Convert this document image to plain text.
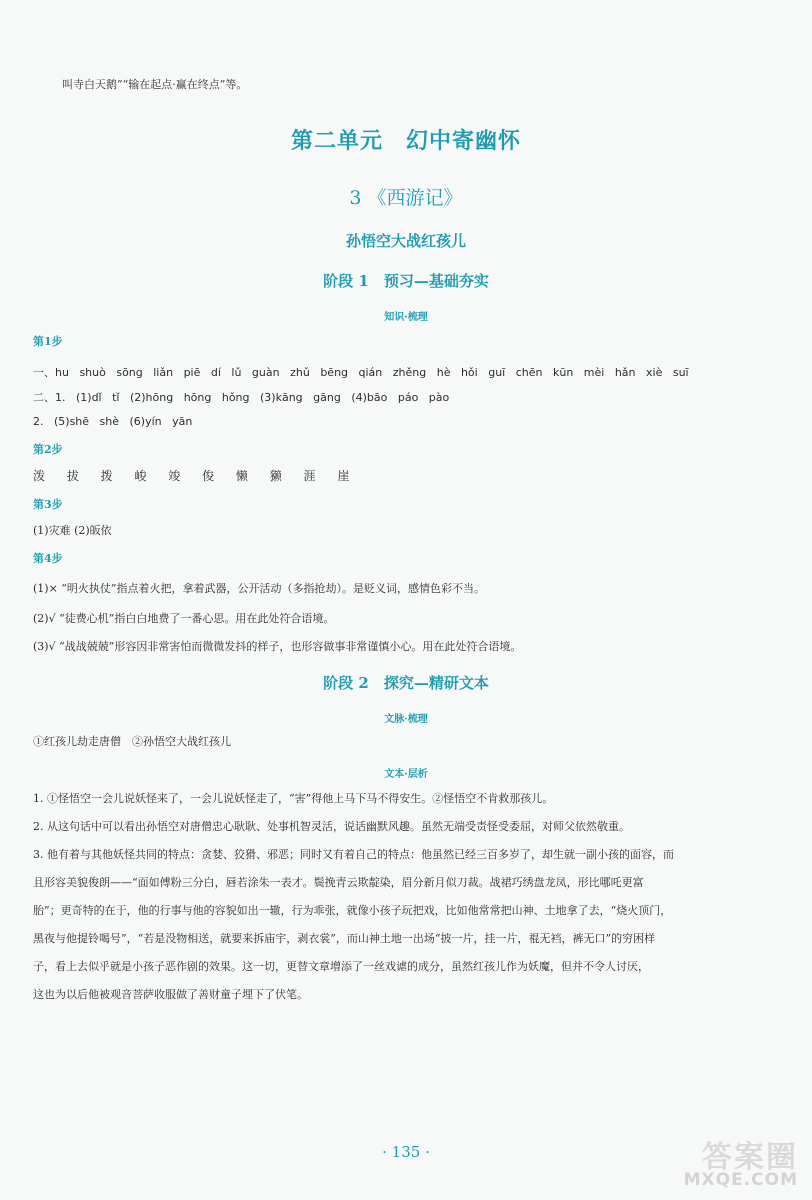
叫寺白天鹅”“输在起点·赢在终点”等。
第二单元　幻中寄幽怀
3 《西游记》
孙悟空大战红孩儿
阶段 1　预习—基础夯实
知识·梳理
第1步
一、hu shuò sōng liǎn piē dí lǔ guàn zhǔ bēng qián zhěng hè hǒi guī chēn kūn mèi hǎn xiè suī
二、1. (1)dǐ tǐ (2)hōng hōng hǒng (3)kāng gāng (4)bāo páo pào
2. (5)shē shè (6)yín yān
第2步
泼 拔 拨 峻 竣 俊 懒 獭 涯 崖
第3步
(1)灾难 (2)皈依
第4步
(1)× “明火执仗”指点着火把，拿着武器，公开活动（多指抢劫）。是贬义词，感情色彩不当。
(2)√ “徒费心机”指白白地费了一番心思。用在此处符合语境。
(3)√ “战战兢兢”形容因非常害怕而微微发抖的样子，也形容做事非常谨慎小心。用在此处符合语境。
阶段 2　探究—精研文本
文脉·梳理
①红孩儿劫走唐僧　②孙悟空大战红孩儿
文本·层析
1. ①怪悟空一会儿说妖怪来了，一会儿说妖怪走了，“害”得他上马下马不得安生。②怪悟空不肯救那孩儿。
2. 从这句话中可以看出孙悟空对唐僧忠心耿耿、处事机智灵活，说话幽默风趣。虽然无端受责怪受委屈，对师父依然敬重。
3. 他有着与其他妖怪共同的特点：贪婪、狡猾、邪恶；同时又有着自己的特点：他虽然已经三百多岁了，却生就一副小孩的面容，而
且形容美貌俊朗——“面如傅粉三分白，唇若涂朱一表才。鬓挽青云欺靛染，眉分新月似刀裁。战裙巧绣盘龙凤，形比哪吒更富
胎”；更奇特的在于，他的行事与他的容貌如出一辙，行为乖张，就像小孩子玩把戏，比如他常常把山神、土地拿了去，“烧火顶门，
黑夜与他提铃喝号”，“若是没物相送，就要来拆庙宇，剥衣裳”，而山神土地一出场“披一片，挂一片，裩无裆，裤无口”的穷困样
子，看上去似乎就是小孩子恶作剧的效果。这一切，更替文章增添了一丝戏谑的成分，虽然红孩儿作为妖魔，但并不令人讨厌，
这也为以后他被观音菩萨收服做了善财童子埋下了伏笔。
· 135 ·	答案圈
MXQE.COM
